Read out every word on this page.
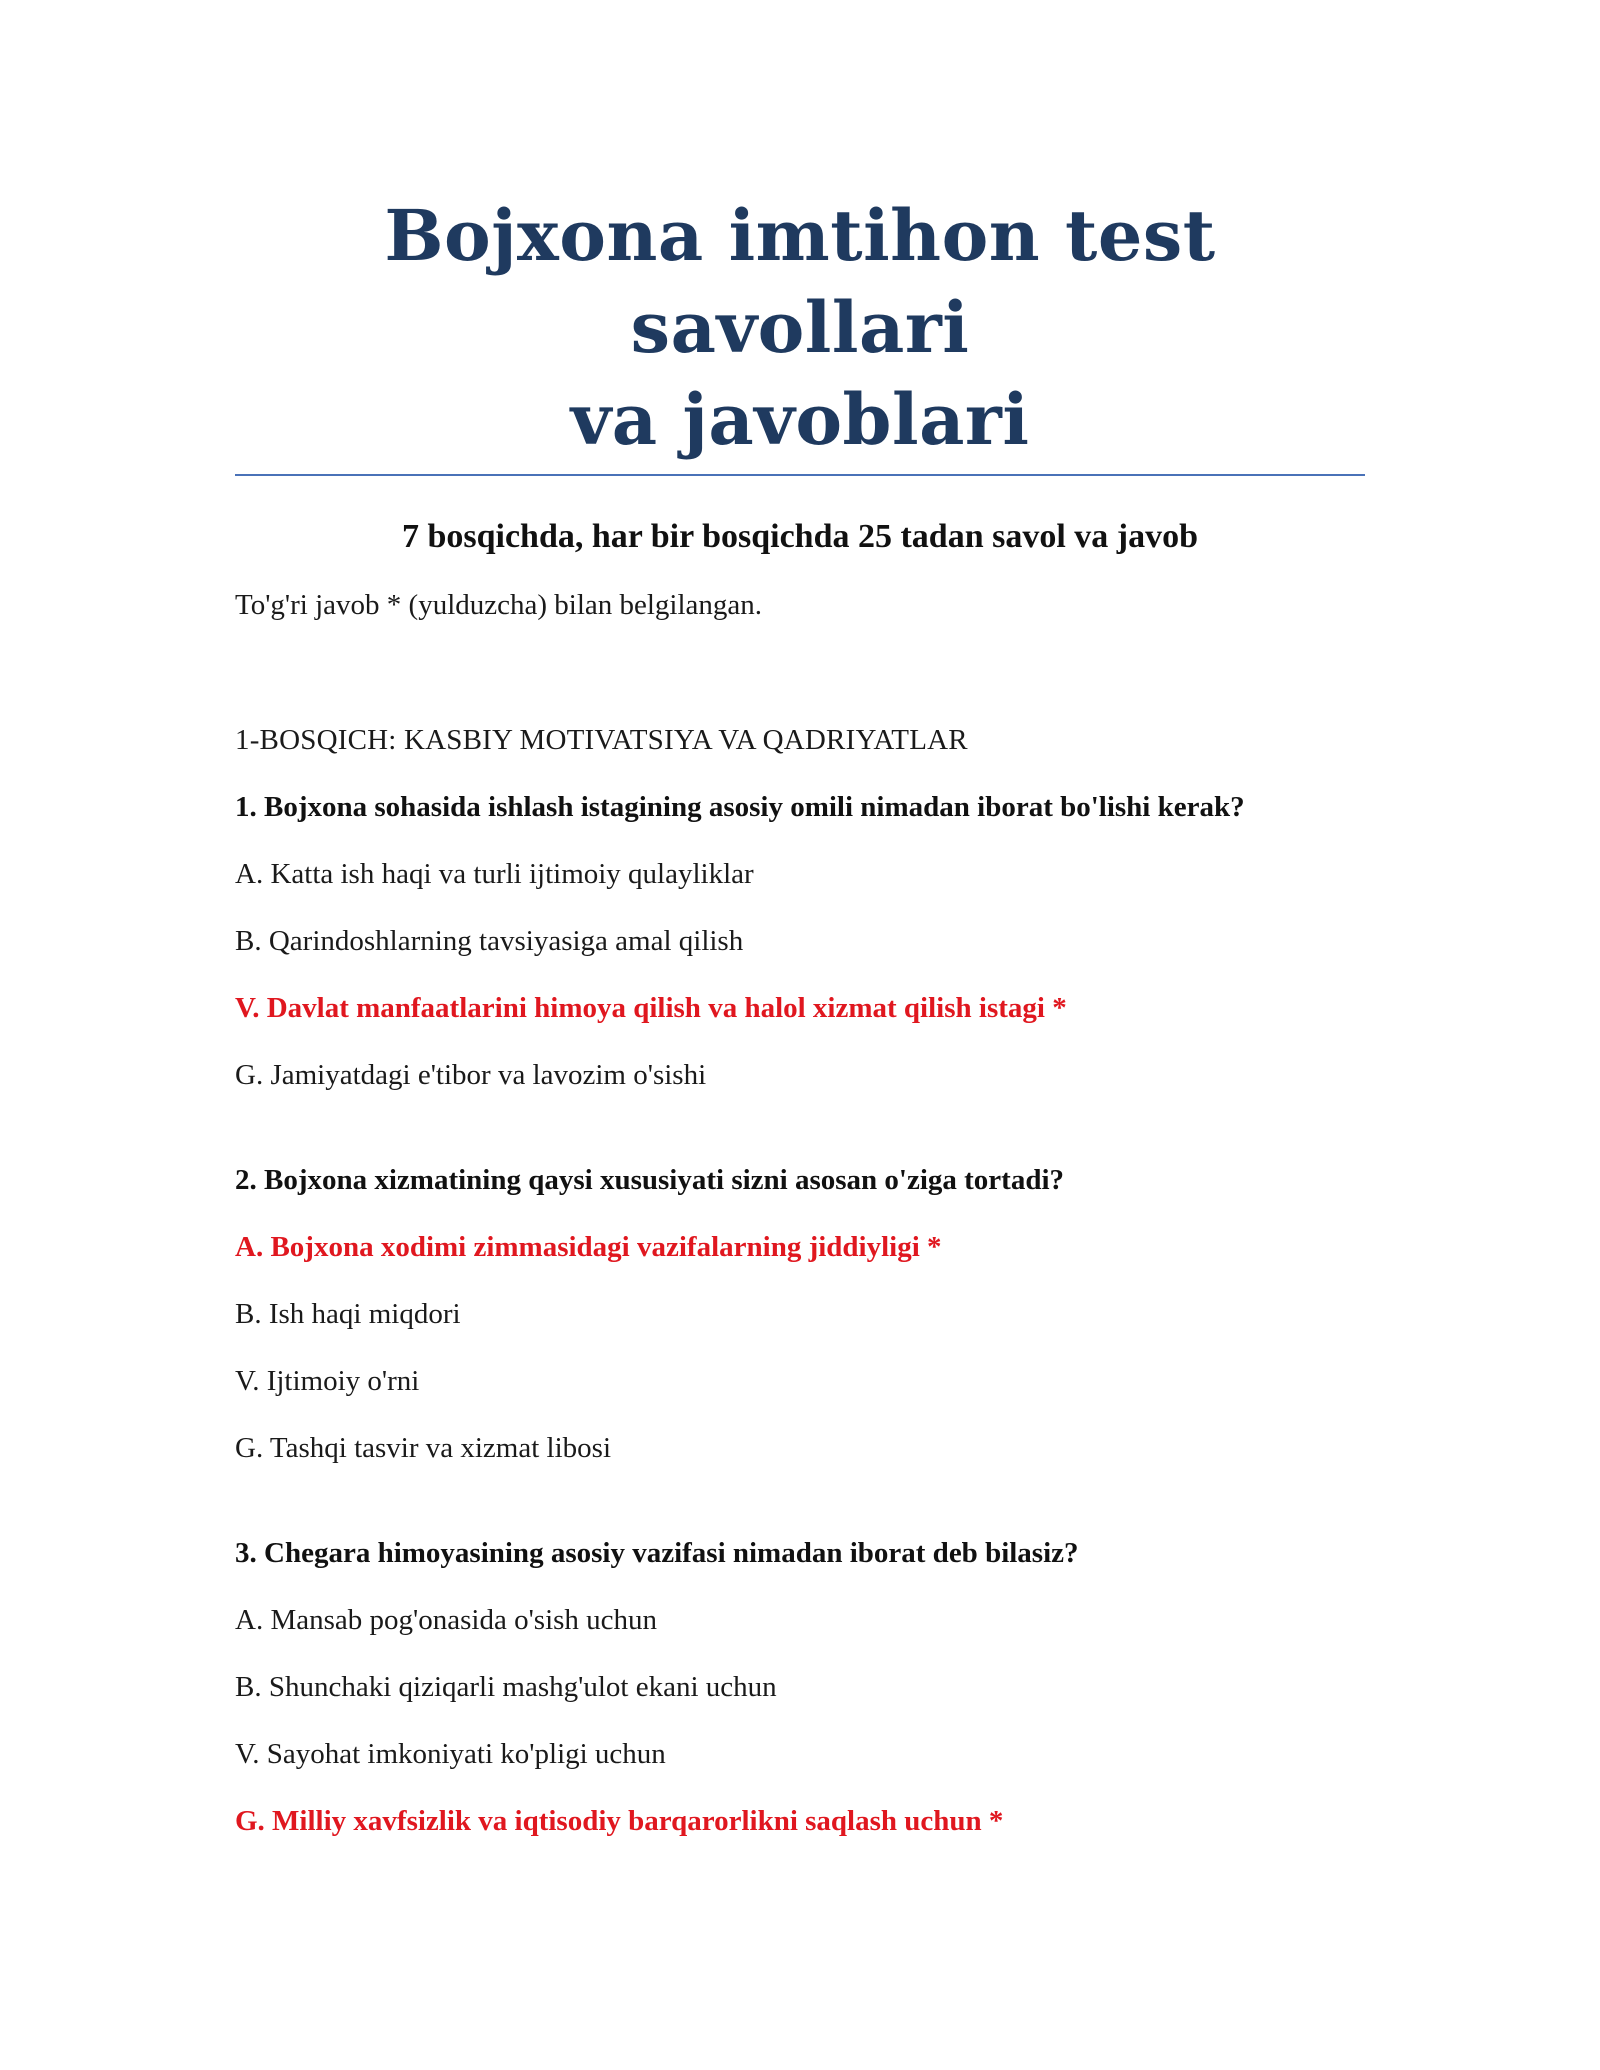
Bojxona imtihon test savollari
va javoblari

7 bosqichda, har bir bosqichda 25 tadan savol va javob

To'g'ri javob * (yulduzcha) bilan belgilangan.

1-BOSQICH: KASBIY MOTIVATSIYA VA QADRIYATLAR

1. Bojxona sohasida ishlash istagining asosiy omili nimadan iborat bo'lishi kerak?

A. Katta ish haqi va turli ijtimoiy qulayliklar

B. Qarindoshlarning tavsiyasiga amal qilish

V. Davlat manfaatlarini himoya qilish va halol xizmat qilish istagi *

G. Jamiyatdagi e'tibor va lavozim o'sishi

2. Bojxona xizmatining qaysi xususiyati sizni asosan o'ziga tortadi?

A. Bojxona xodimi zimmasidagi vazifalarning jiddiyligi *

B. Ish haqi miqdori

V. Ijtimoiy o'rni

G. Tashqi tasvir va xizmat libosi

3. Chegara himoyasining asosiy vazifasi nimadan iborat deb bilasiz?

A. Mansab pog'onasida o'sish uchun

B. Shunchaki qiziqarli mashg'ulot ekani uchun

V. Sayohat imkoniyati ko'pligi uchun

G. Milliy xavfsizlik va iqtisodiy barqarorlikni saqlash uchun *
